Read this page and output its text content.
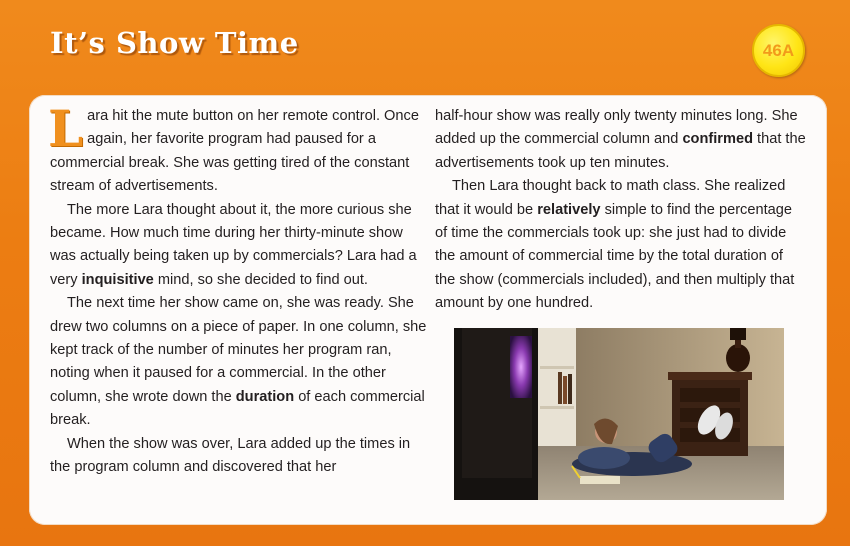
It’s Show Time	46A

Lara hit the mute button on her remote control. Once again, her favorite program had paused for a commercial break. She was getting tired of the constant stream of advertisements.

The more Lara thought about it, the more curious she became. How much time during her thirty-minute show was actually being taken up by commercials? Lara had a very inquisitive mind, so she decided to find out.

The next time her show came on, she was ready. She drew two columns on a piece of paper. In one column, she kept track of the number of minutes her program ran, noting when it paused for a commercial. In the other column, she wrote down the duration of each commercial break.

When the show was over, Lara added up the times in the program column and discovered that her

half-hour show was really only twenty minutes long. She added up the commercial column and confirmed that the advertisements took up ten minutes.

Then Lara thought back to math class. She realized that it would be relatively simple to find the percentage of time the commercials took up: she just had to divide the amount of commercial time by the total duration of the show (commercials included), and then multiply that amount by one hundred.
